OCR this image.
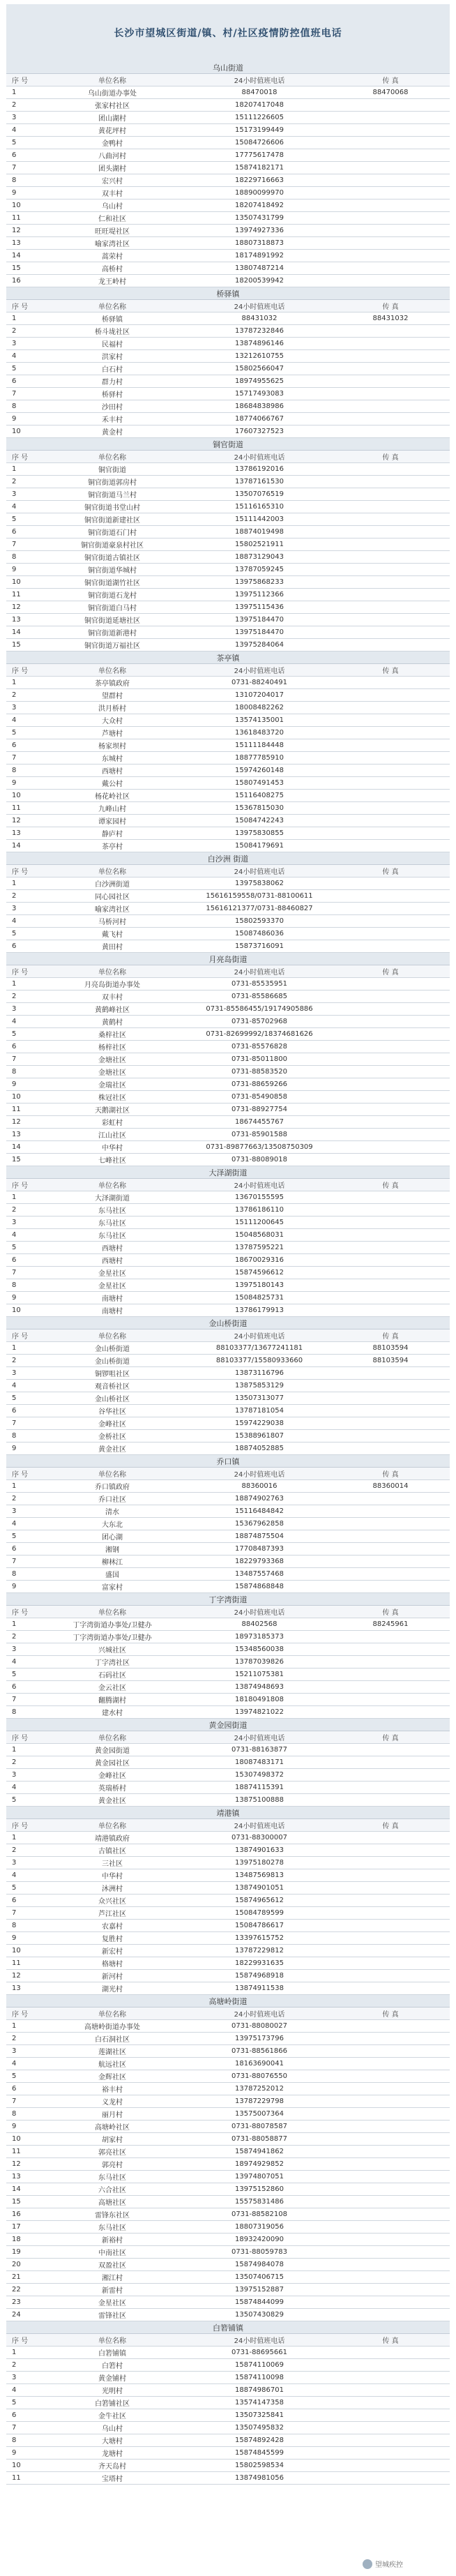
长沙市望城区街道/镇、村/社区疫情防控值班电话
乌山街道
序 号	单位名称	24小时值班电话	传 真
1	乌山街道办事处	88470018	88470068
2	张家村社区	18207417048
3	团山湖村	15111226605
4	黄花坪村	15173199449
5	金鸭村	15084726606
6	八曲河村	17775617478
7	团头湖村	15874182171
8	宏兴村	18229716663
9	双丰村	18890099970
10	乌山村	18207418492
11	仁和社区	13507431799
12	旺旺堤社区	13974927336
13	喻家湾社区	18807318873
14	蒿荣村	18174891992
15	高桥村	13807487214
16	龙王岭村	18200539942
桥驿镇
序 号	单位名称	24小时值班电话	传 真
1	桥驿镇	88431032	88431032
2	桥斗垅社区	13787232846
3	民福村	13874896146
4	洪家村	13212610755
5	白石村	15802566047
6	群力村	18974955625
7	桥驿村	15717493083
8	沙田村	18684838986
9	禾丰村	18774066767
10	黄金村	17607327523
铜官街道
序 号	单位名称	24小时值班电话	传 真
1	铜官街道	13786192016
2	铜官街道郭房村	13787161530
3	铜官街道马兰村	13507076519
4	铜官街道书堂山村	15116165310
5	铜官街道新建社区	15111442003
6	铜官街道石门村	18874019498
7	铜官街道豪泉村社区	15802521911
8	铜官街道古镇社区	18873129043
9	铜官街道华城村	13787059245
10	铜官街道湖竹社区	13975868233
11	铜官街道石龙村	13975112366
12	铜官街道白马村	13975115436
13	铜官街道延塘社区	13975184470
14	铜官街道新港村	13975184470
15	铜官街道万福社区	13975284064
茶亭镇
序 号	单位名称	24小时值班电话	传 真
1	茶亭镇政府	0731-88240491
2	望群村	13107204017
3	洪月桥村	18008482262
4	大众村	13574135001
5	芦塘村	13618483720
6	杨家坝村	15111184448
7	东城村	18877785910
8	西塘村	15974260148
9	戴公村	15807491453
10	杨花岭社区	15116408275
11	九峰山村	15367815030
12	谭家园村	15084742243
13	静庐村	13975830855
14	茶亭村	15084179691
白沙洲 街道
序 号	单位名称	24小时值班电话	传 真
1	白沙洲街道	13975838062
2	同心园社区	15616159558/0731-88100611
3	喻家湾社区	15616121377/0731-88460827
4	马桥河村	15802593370
5	戴飞村	15087486036
6	黄田村	15873716091
月亮岛街道
序 号	单位名称	24小时值班电话	传 真
1	月亮岛街道办事处	0731-85535951
2	双丰村	0731-85586685
3	黄鹤峰社区	0731-85586455/19174905886
4	黄鹤村	0731-85702968
5	桑梓社区	0731-82699992/18374681626
6	杨梓社区	0731-85576828
7	金塘社区	0731-85011800
8	金塘社区	0731-88583520
9	金瑞社区	0731-88659266
10	株冠社区	0731-85490858
11	天鹅湖社区	0731-88927754
12	彩虹村	18674455767
13	江山社区	0731-85901588
14	中华村	0731-89877663/13508750309
15	七峰社区	0731-88089018
大泽湖街道
序 号	单位名称	24小时值班电话	传 真
1	大泽湖街道	13670155595
2	东马社区	13786186110
3	东马社区	15111200645
4	东马社区	15048568031
5	西塘村	13787595221
6	西塘村	18670029316
7	金星社区	15874596612
8	金星社区	13975180143
9	南塘村	15084825731
10	南塘村	13786179913
金山桥街道
序 号	单位名称	24小时值班电话	传 真
1	金山桥街道	88103377/13677241181	88103594
2	金山桥街道	88103377/15580933660	88103594
3	铜锣咀社区	13873116796
4	观音桥社区	13875853129
5	金山桥社区	13507313077
6	谷华社区	13787181054
7	金峰社区	15974229038
8	金桥社区	15388961807
9	黄金社区	18874052885
乔口镇
序 号	单位名称	24小时值班电话	传 真
1	乔口镇政府	88360016	88360014
2	乔口社区	18874902763
3	清水	15116484842
4	大东北	15367962858
5	团心湖	18874875504
6	湘钢	17708487393
7	柳林江	18229793368
8	盛国	13487557468
9	富家村	15874868848
丁字湾街道
序 号	单位名称	24小时值班电话	传 真
1	丁字湾街道办事处/卫健办	88402568	88245961
2	丁字湾街道办事处/卫健办	18973185373
3	兴城社区	15348560038
4	丁字湾社区	13787039826
5	石码社区	15211075381
6	金云社区	13874948693
7	翻腾湖村	18180491808
8	建水村	13974821022
黄金园街道
序 号	单位名称	24小时值班电话	传 真
1	黄金园街道	0731-88163877
2	黄金园社区	18087483171
3	金峰社区	15307498372
4	英瑞桥村	18874115391
5	黄金社区	13875100888
靖港镇
序 号	单位名称	24小时值班电话	传 真
1	靖港镇政府	0731-88300007
2	古镇社区	13874901633
3	三社区	13975180278
4	中华村	13487569813
5	沐洲村	13874901051
6	众兴社区	15874965612
7	芦江社区	15084789599
8	农嘉村	15084786617
9	复胜村	13397615752
10	新宏村	13787229812
11	格塘村	18229931635
12	新河村	15874968918
13	湖光村	13874911538
高塘岭街道
序 号	单位名称	24小时值班电话	传 真
1	高塘岭街道办事处	0731-88080027
2	白石洞社区	13975173796
3	莲湖社区	0731-88561866
4	航远社区	18163690041
5	金辉社区	0731-88076550
6	裕丰村	13787252012
7	义龙村	13787229798
8	丽月村	13575007364
9	高塘岭社区	0731-88078587
10	胡家村	0731-88058877
11	郭亮社区	15874941862
12	郭亮村	18974929852
13	东马社区	13974807051
14	六合社区	13975152860
15	高塘社区	15575831486
16	雷锋东社区	0731-88582108
17	东马社区	18807319056
18	新裕村	18932420090
19	中南社区	0731-88059783
20	双盈社区	15874984078
21	湘江村	13507406715
22	新雷村	13975152887
23	金星社区	15874844099
24	雷锋社区	13507430829
白箬铺镇
序 号	单位名称	24小时值班电话	传 真
1	白箬铺镇	0731-88695661
2	白箬村	15874110069
3	黄金铺村	15874110098
4	光明村	18874986701
5	白箬铺社区	13574147358
6	金牛社区	13507325841
7	乌山村	13507495832
8	大塘村	15874892428
9	龙塘村	15874845599
10	齐天岛村	15802598534
11	宝塔村	13874981056
望城疾控
